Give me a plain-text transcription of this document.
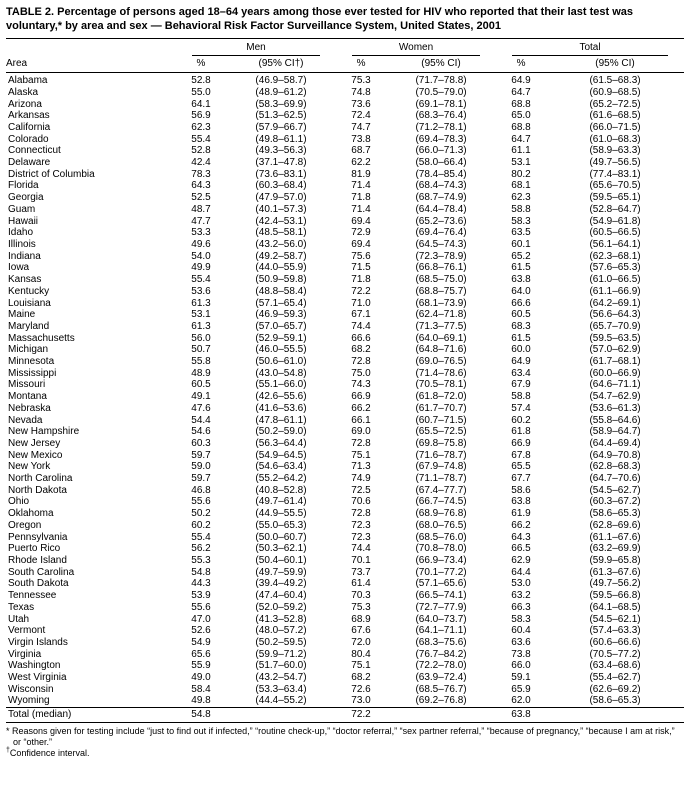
TABLE 2. Percentage of persons aged 18–64 years among those ever tested for HIV who reported that their last test was voluntary,* by area and sex — Behavioral Risk Factor Surveillance System, United States, 2001

	Men		Women		Total	

Area	%	(95% CI†)	%	(95% CI)	%	(95% CI)
Alabama	52.8	(46.9–58.7)	75.3	(71.7–78.8)	64.9	(61.5–68.3)
Alaska	55.0	(48.9–61.2)	74.8	(70.5–79.0)	64.7	(60.9–68.5)
Arizona	64.1	(58.3–69.9)	73.6	(69.1–78.1)	68.8	(65.2–72.5)
Arkansas	56.9	(51.3–62.5)	72.4	(68.3–76.4)	65.0	(61.6–68.5)
California	62.3	(57.9–66.7)	74.7	(71.2–78.1)	68.8	(66.0–71.5)
Colorado	55.4	(49.8–61.1)	73.8	(69.4–78.3)	64.7	(61.0–68.3)
Connecticut	52.8	(49.3–56.3)	68.7	(66.0–71.3)	61.1	(58.9–63.3)
Delaware	42.4	(37.1–47.8)	62.2	(58.0–66.4)	53.1	(49.7–56.5)
District of Columbia	78.3	(73.6–83.1)	81.9	(78.4–85.4)	80.2	(77.4–83.1)
Florida	64.3	(60.3–68.4)	71.4	(68.4–74.3)	68.1	(65.6–70.5)
Georgia	52.5	(47.9–57.0)	71.8	(68.7–74.9)	62.3	(59.5–65.1)
Guam	48.7	(40.1–57.3)	71.4	(64.4–78.4)	58.8	(52.8–64.7)
Hawaii	47.7	(42.4–53.1)	69.4	(65.2–73.6)	58.3	(54.9–61.8)
Idaho	53.3	(48.5–58.1)	72.9	(69.4–76.4)	63.5	(60.5–66.5)
Illinois	49.6	(43.2–56.0)	69.4	(64.5–74.3)	60.1	(56.1–64.1)
Indiana	54.0	(49.2–58.7)	75.6	(72.3–78.9)	65.2	(62.3–68.1)
Iowa	49.9	(44.0–55.9)	71.5	(66.8–76.1)	61.5	(57.6–65.3)
Kansas	55.4	(50.9–59.8)	71.8	(68.5–75.0)	63.8	(61.0–66.5)
Kentucky	53.6	(48.8–58.4)	72.2	(68.8–75.7)	64.0	(61.1–66.9)
Louisiana	61.3	(57.1–65.4)	71.0	(68.1–73.9)	66.6	(64.2–69.1)
Maine	53.1	(46.9–59.3)	67.1	(62.4–71.8)	60.5	(56.6–64.3)
Maryland	61.3	(57.0–65.7)	74.4	(71.3–77.5)	68.3	(65.7–70.9)
Massachusetts	56.0	(52.9–59.1)	66.6	(64.0–69.1)	61.5	(59.5–63.5)
Michigan	50.7	(46.0–55.5)	68.2	(64.8–71.6)	60.0	(57.0–62.9)
Minnesota	55.8	(50.6–61.0)	72.8	(69.0–76.5)	64.9	(61.7–68.1)
Mississippi	48.9	(43.0–54.8)	75.0	(71.4–78.6)	63.4	(60.0–66.9)
Missouri	60.5	(55.1–66.0)	74.3	(70.5–78.1)	67.9	(64.6–71.1)
Montana	49.1	(42.6–55.6)	66.9	(61.8–72.0)	58.8	(54.7–62.9)
Nebraska	47.6	(41.6–53.6)	66.2	(61.7–70.7)	57.4	(53.6–61.3)
Nevada	54.4	(47.8–61.1)	66.1	(60.7–71.5)	60.2	(55.8–64.6)
New Hampshire	54.6	(50.2–59.0)	69.0	(65.5–72.5)	61.8	(58.9–64.7)
New Jersey	60.3	(56.3–64.4)	72.8	(69.8–75.8)	66.9	(64.4–69.4)
New Mexico	59.7	(54.9–64.5)	75.1	(71.6–78.7)	67.8	(64.9–70.8)
New York	59.0	(54.6–63.4)	71.3	(67.9–74.8)	65.5	(62.8–68.3)
North Carolina	59.7	(55.2–64.2)	74.9	(71.1–78.7)	67.7	(64.7–70.6)
North Dakota	46.8	(40.8–52.8)	72.5	(67.4–77.7)	58.6	(54.5–62.7)
Ohio	55.6	(49.7–61.4)	70.6	(66.7–74.5)	63.8	(60.3–67.2)
Oklahoma	50.2	(44.9–55.5)	72.8	(68.9–76.8)	61.9	(58.6–65.3)
Oregon	60.2	(55.0–65.3)	72.3	(68.0–76.5)	66.2	(62.8–69.6)
Pennsylvania	55.4	(50.0–60.7)	72.3	(68.5–76.0)	64.3	(61.1–67.6)
Puerto Rico	56.2	(50.3–62.1)	74.4	(70.8–78.0)	66.5	(63.2–69.9)
Rhode Island	55.3	(50.4–60.1)	70.1	(66.9–73.4)	62.9	(59.9–65.8)
South Carolina	54.8	(49.7–59.9)	73.7	(70.1–77.2)	64.4	(61.3–67.6)
South Dakota	44.3	(39.4–49.2)	61.4	(57.1–65.6)	53.0	(49.7–56.2)
Tennessee	53.9	(47.4–60.4)	70.3	(66.5–74.1)	63.2	(59.5–66.8)
Texas	55.6	(52.0–59.2)	75.3	(72.7–77.9)	66.3	(64.1–68.5)
Utah	47.0	(41.3–52.8)	68.9	(64.0–73.7)	58.3	(54.5–62.1)
Vermont	52.6	(48.0–57.2)	67.6	(64.1–71.1)	60.4	(57.4–63.3)
Virgin Islands	54.9	(50.2–59.5)	72.0	(68.3–75.6)	63.6	(60.6–66.6)
Virginia	65.6	(59.9–71.2)	80.4	(76.7–84.2)	73.8	(70.5–77.2)
Washington	55.9	(51.7–60.0)	75.1	(72.2–78.0)	66.0	(63.4–68.6)
West Virginia	49.0	(43.2–54.7)	68.2	(63.9–72.4)	59.1	(55.4–62.7)
Wisconsin	58.4	(53.3–63.4)	72.6	(68.5–76.7)	65.9	(62.6–69.2)
Wyoming	49.8	(44.4–55.2)	73.0	(69.2–76.8)	62.0	(58.6–65.3)
Total (median)	54.8		72.2		63.8	
* Reasons given for testing include “just to find out if infected,” “routine check-up,” “doctor referral,” “sex partner referral,” “because of pregnancy,” “because I am at risk,” or “other.”
†Confidence interval.
